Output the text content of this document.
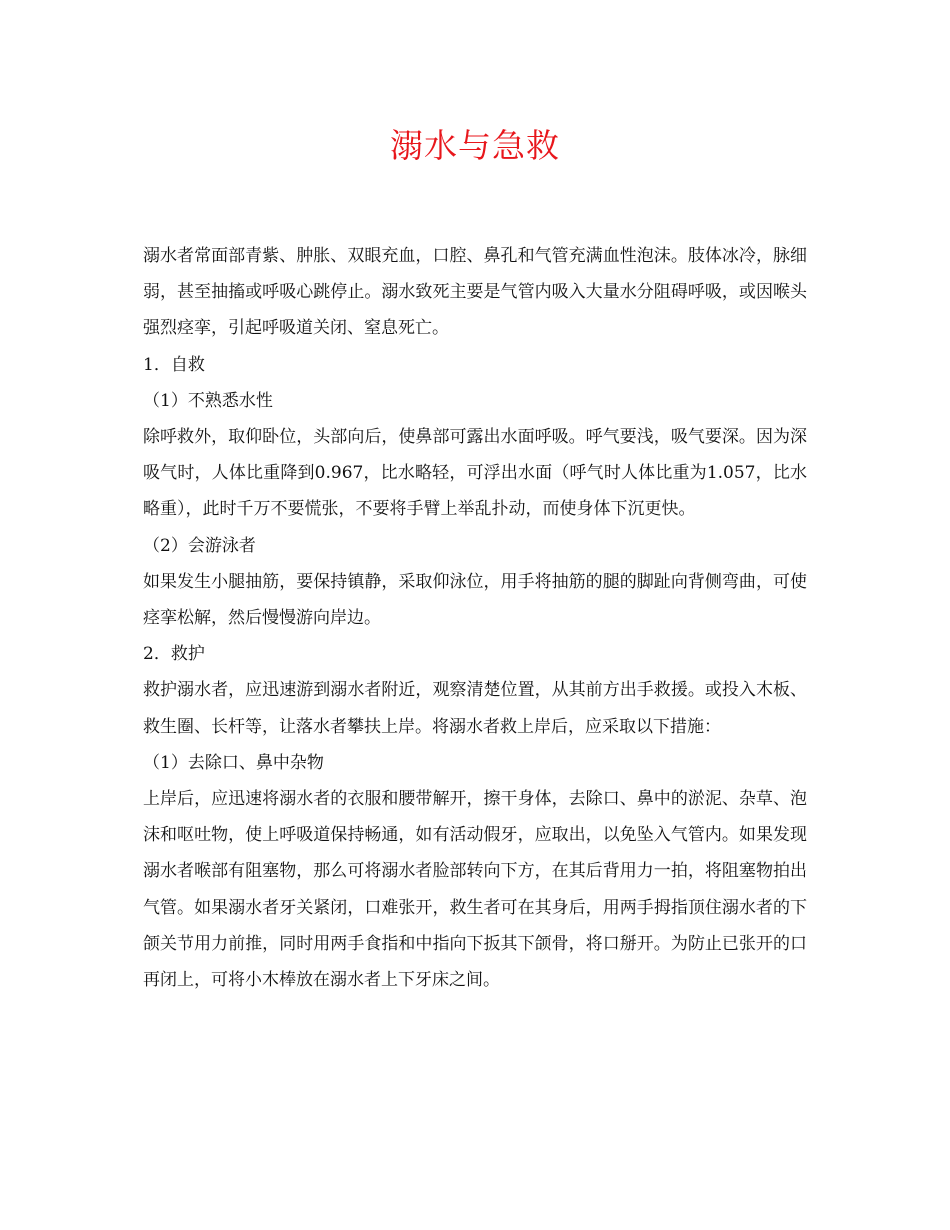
溺水与急救

溺水者常面部青紫、肿胀、双眼充血，口腔、鼻孔和气管充满血性泡沫。肢体冰冷，脉细弱，甚至抽搐或呼吸心跳停止。溺水致死主要是气管内吸入大量水分阻碍呼吸，或因喉头强烈痉挛，引起呼吸道关闭、窒息死亡。

1．自救

（1）不熟悉水性

除呼救外，取仰卧位，头部向后，使鼻部可露出水面呼吸。呼气要浅，吸气要深。因为深吸气时，人体比重降到0.967，比水略轻，可浮出水面（呼气时人体比重为1.057，比水略重），此时千万不要慌张，不要将手臂上举乱扑动，而使身体下沉更快。

（2）会游泳者

如果发生小腿抽筋，要保持镇静，采取仰泳位，用手将抽筋的腿的脚趾向背侧弯曲，可使痉挛松解，然后慢慢游向岸边。

2．救护

救护溺水者，应迅速游到溺水者附近，观察清楚位置，从其前方出手救援。或投入木板、救生圈、长杆等，让落水者攀扶上岸。将溺水者救上岸后，应采取以下措施：

（1）去除口、鼻中杂物

上岸后，应迅速将溺水者的衣服和腰带解开，擦干身体，去除口、鼻中的淤泥、杂草、泡沫和呕吐物，使上呼吸道保持畅通，如有活动假牙，应取出，以免坠入气管内。如果发现溺水者喉部有阻塞物，那么可将溺水者脸部转向下方，在其后背用力一拍，将阻塞物拍出气管。如果溺水者牙关紧闭，口难张开，救生者可在其身后，用两手拇指顶住溺水者的下颌关节用力前推，同时用两手食指和中指向下扳其下颌骨，将口掰开。为防止已张开的口再闭上，可将小木棒放在溺水者上下牙床之间。
